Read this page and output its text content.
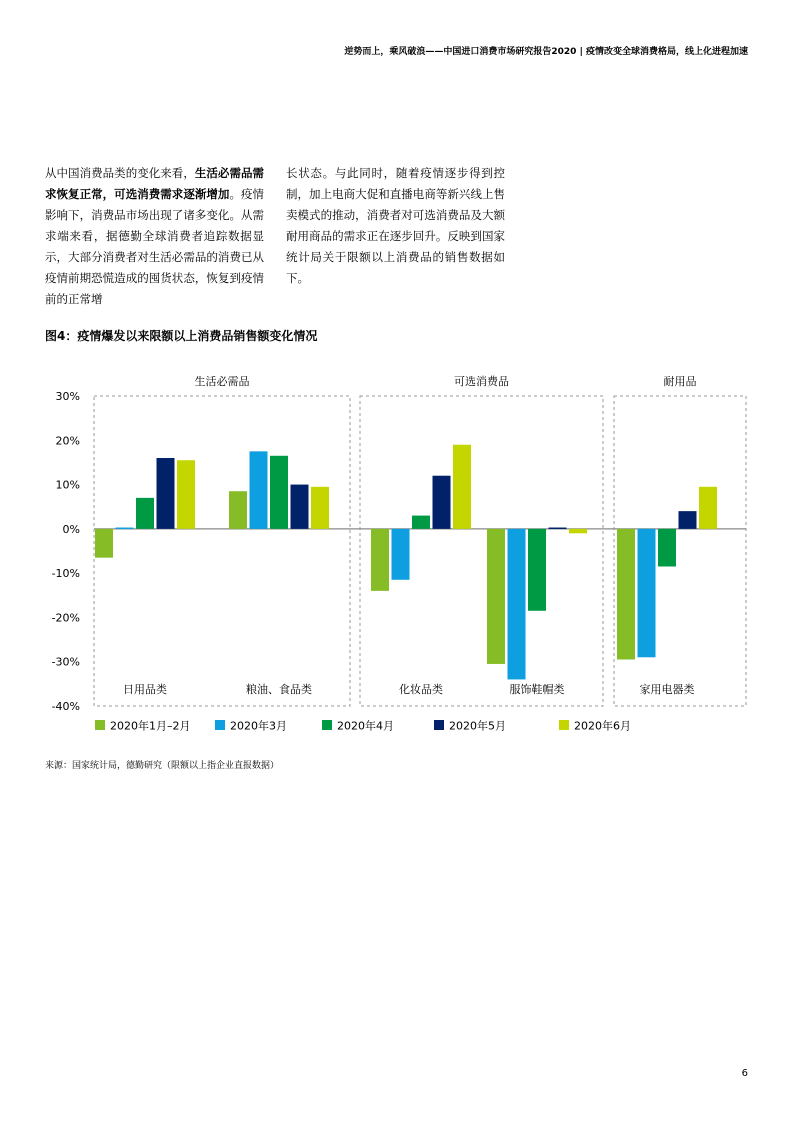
逆势而上，乘风破浪——中国进口消费市场研究报告2020 | 疫情改变全球消费格局，线上化进程加速
从中国消费品类的变化来看，生活必需品需求恢复正常，可选消费需求逐渐增加。疫情影响下，消费品市场出现了诸多变化。从需求端来看，据德勤全球消费者追踪数据显示，大部分消费者对生活必需品的消费已从疫情前期恐慌造成的囤货状态，恢复到疫情前的正常增
长状态。与此同时，随着疫情逐步得到控制，加上电商大促和直播电商等新兴线上售卖模式的推动，消费者对可选消费品及大额耐用商品的需求正在逐步回升。反映到国家统计局关于限额以上消费品的销售数据如下。
图4：疫情爆发以来限额以上消费品销售额变化情况
生活必需品	可选消费品	耐用品
30%
20%
10%
0%
-10%
-20%
-30%
-40%
日用品类	粮油、食品类	化妆品类	服饰鞋帽类	家用电器类
2020年1月–2月	2020年3月	2020年4月	2020年5月	2020年6月
来源：国家统计局，德勤研究（限额以上指企业直报数据）
6
